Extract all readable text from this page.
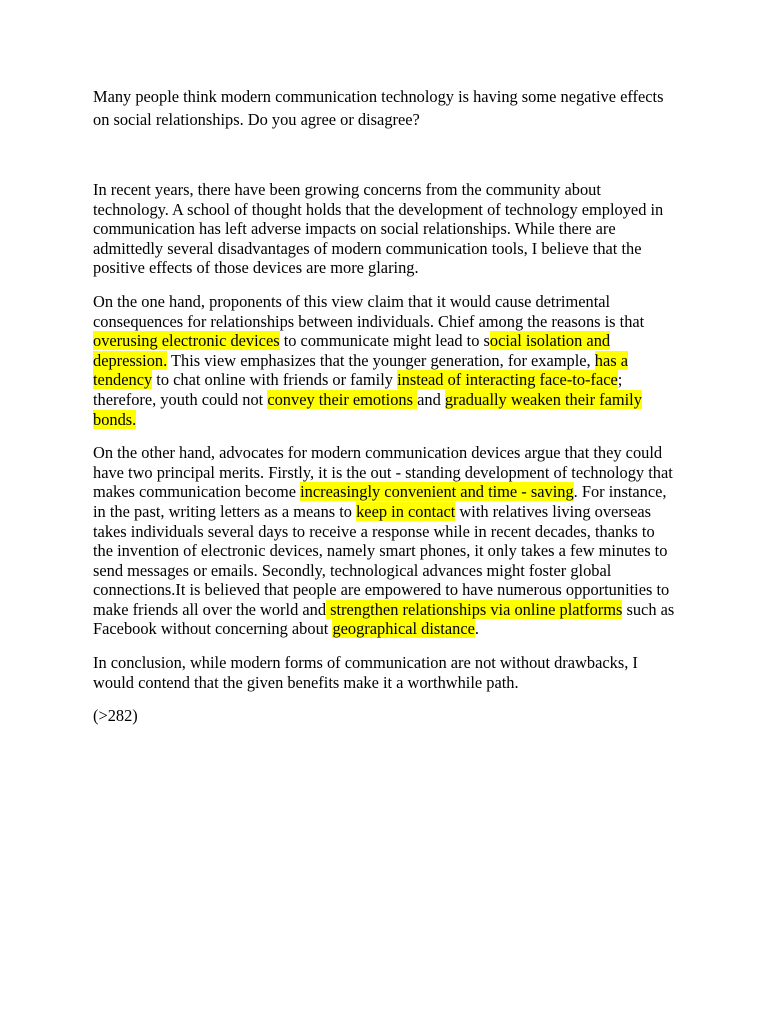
Many people think modern communication technology is having some negative effects on social relationships. Do you agree or disagree?

In recent years, there have been growing concerns from the community about technology. A school of thought holds that the development of technology employed in communication has left adverse impacts on social relationships. While there are admittedly several disadvantages of modern communication tools, I believe that the positive effects of those devices are more glaring.

On the one hand, proponents of this view claim that it would cause detrimental consequences for relationships between individuals. Chief among the reasons is that overusing electronic devices to communicate might lead to social isolation and depression. This view emphasizes that the younger generation, for example, has a tendency to chat online with friends or family instead of interacting face-to-face; therefore, youth could not convey their emotions and gradually weaken their family bonds.

On the other hand, advocates for modern communication devices argue that they could have two principal merits. Firstly, it is the out - standing development of technology that makes communication become increasingly convenient and time - saving. For instance, in the past, writing letters as a means to keep in contact with relatives living overseas takes individuals several days to receive a response while in recent decades, thanks to the invention of electronic devices, namely smart phones, it only takes a few minutes to send messages or emails. Secondly, technological advances might foster global connections.It is believed that people are empowered to have numerous opportunities to make friends all over the world and strengthen relationships via online platforms such as Facebook without concerning about geographical distance.

In conclusion, while modern forms of communication are not without drawbacks, I would contend that the given benefits make it a worthwhile path.

(>282)
